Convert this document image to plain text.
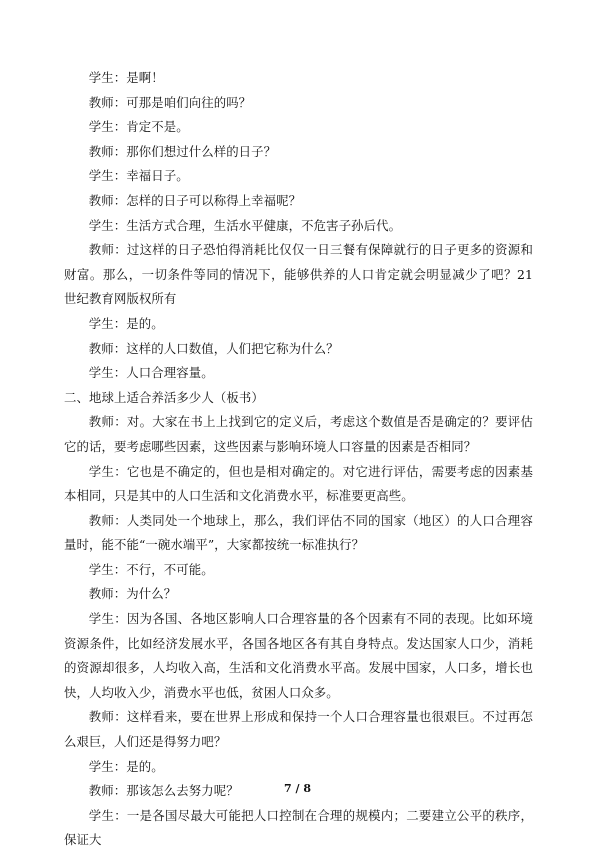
学生：是啊！

教师：可那是咱们向往的吗？

学生：肯定不是。

教师：那你们想过什么样的日子？

学生：幸福日子。

教师：怎样的日子可以称得上幸福呢？

学生：生活方式合理，生活水平健康，不危害子孙后代。

教师：过这样的日子恐怕得消耗比仅仅一日三餐有保障就行的日子更多的资源和财富。那么，一切条件等同的情况下，能够供养的人口肯定就会明显减少了吧？21 世纪教育网版权所有

学生：是的。

教师：这样的人口数值，人们把它称为什么？

学生：人口合理容量。

二、地球上适合养活多少人（板书）

教师：对。大家在书上上找到它的定义后，考虑这个数值是否是确定的？要评估它的话，要考虑哪些因素，这些因素与影响环境人口容量的因素是否相同？

学生：它也是不确定的，但也是相对确定的。对它进行评估，需要考虑的因素基本相同，只是其中的人口生活和文化消费水平，标准要更高些。

教师：人类同处一个地球上，那么，我们评估不同的国家（地区）的人口合理容量时，能不能“一碗水端平”，大家都按统一标准执行？

学生：不行，不可能。

教师：为什么？

学生：因为各国、各地区影响人口合理容量的各个因素有不同的表现。比如环境资源条件，比如经济发展水平，各国各地区各有其自身特点。发达国家人口少，消耗的资源却很多，人均收入高，生活和文化消费水平高。发展中国家，人口多，增长也快，人均收入少，消费水平也低，贫困人口众多。

教师：这样看来，要在世界上形成和保持一个人口合理容量也很艰巨。不过再怎么艰巨，人们还是得努力吧？

学生：是的。

教师：那该怎么去努力呢？

学生：一是各国尽最大可能把人口控制在合理的规模内；二要建立公平的秩序，保证大

7 / 8
